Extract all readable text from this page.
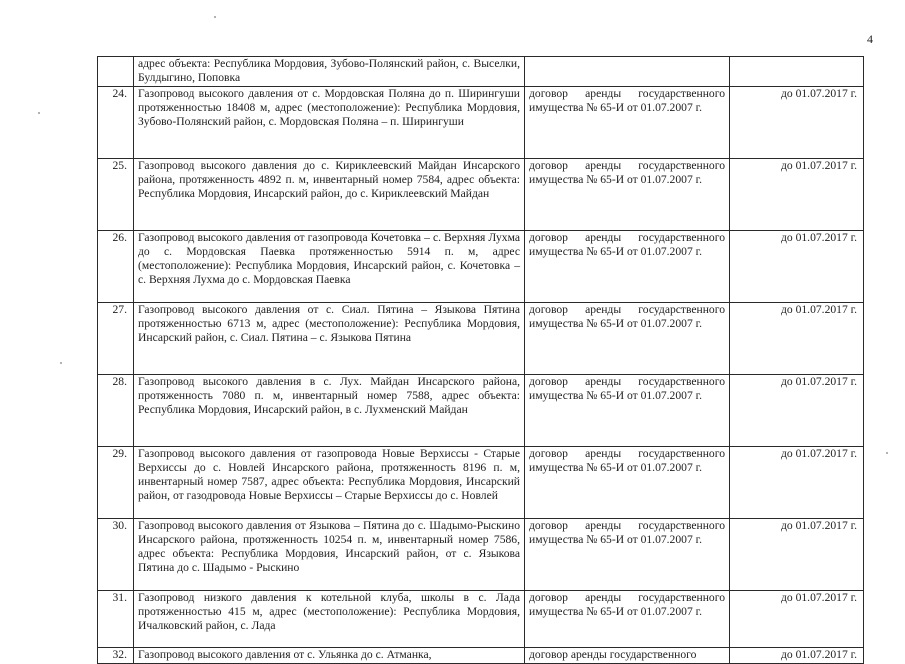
4
	адрес объекта: Республика Мордовия, Зубово-Полянский район, с. Выселки, Булдыгино, Поповка		
24.	Газопровод высокого давления от с. Мордовская Поляна до п. Ширингуши протяженностью 18408 м, адрес (местоположение): Республика Мордовия, Зубово-Полянский район, с. Мордовская Поляна – п. Ширингуши	договор аренды государственного имущества № 65-И от 01.07.2007 г.	до 01.07.2017 г.
25.	Газопровод высокого давления до с. Кириклеевский Майдан Инсарского района, протяженность 4892 п. м, инвентарный номер 7584, адрес объекта: Республика Мордовия, Инсарский район, до с. Кириклеевский Майдан	договор аренды государственного имущества № 65-И от 01.07.2007 г.	до 01.07.2017 г.
26.	Газопровод высокого давления от газопровода Кочетовка – с. Верхняя Лухма до с. Мордовская Паевка протяженностью 5914 п. м, адрес (местоположение): Республика Мордовия, Инсарский район, с. Кочетовка – с. Верхняя Лухма до с. Мордовская Паевка	договор аренды государственного имущества № 65-И от 01.07.2007 г.	до 01.07.2017 г.
27.	Газопровод высокого давления от с. Сиал. Пятина – Языкова Пятина протяженностью 6713 м, адрес (местоположение): Республика Мордовия, Инсарский район, с. Сиал. Пятина – с. Языкова Пятина	договор аренды государственного имущества № 65-И от 01.07.2007 г.	до 01.07.2017 г.
28.	Газопровод высокого давления в с. Лух. Майдан Инсарского района, протяженность 7080 п. м, инвентарный номер 7588, адрес объекта: Республика Мордовия, Инсарский район, в с. Лухменский Майдан	договор аренды государственного имущества № 65-И от 01.07.2007 г.	до 01.07.2017 г.
29.	Газопровод высокого давления от газопровода Новые Верхиссы - Старые Верхиссы до с. Новлей Инсарского района, протяженность 8196 п. м, инвентарный номер 7587, адрес объекта: Республика Мордовия, Инсарский район, от газодровода Новые Верхиссы – Старые Верхиссы до с. Новлей	договор аренды государственного имущества № 65-И от 01.07.2007 г.	до 01.07.2017 г.
30.	Газопровод высокого давления от Языкова – Пятина до с. Шадымо-Рыскино Инсарского района, протяженность 10254 п. м, инвентарный номер 7586, адрес объекта: Республика Мордовия, Инсарский район, от с. Языкова Пятина до с. Шадымо - Рыскино	договор аренды государственного имущества № 65-И от 01.07.2007 г.	до 01.07.2017 г.
31.	Газопровод низкого давления к котельной клуба, школы в с. Лада протяженностью 415 м, адрес (местоположение): Республика Мордовия, Ичалковский район, с. Лада	договор аренды государственного имущества № 65-И от 01.07.2007 г.	до 01.07.2017 г.
32.	Газопровод высокого давления от с. Ульянка до с. Атманка,	договор аренды государственного	до 01.07.2017 г.
